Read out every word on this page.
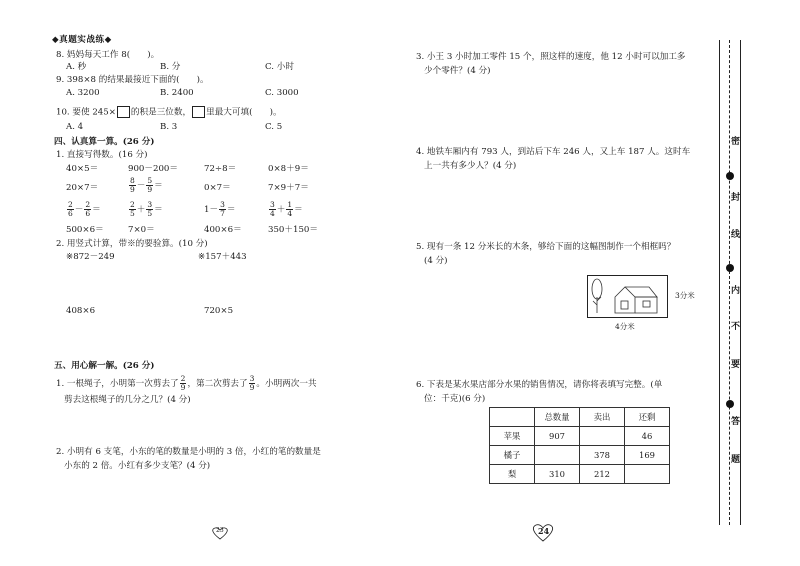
◆真题实战练◆
8. 妈妈每天工作 8(　　)。
A. 秒	B. 分	C. 小时
9. 398×8 的结果最接近下面的(　　)。
A. 3200	B. 2400	C. 3000
10. 要使 245× 的积是三位数， 里最大可填(　　)。
A. 4	B. 3	C. 5
四、认真算一算。(26 分)
1. 直接写得数。(16 分)
40×5＝	900－200＝	72÷8＝	0×8＋9＝
20×7＝	$\frac{8}{9} - \frac{5}{9}$ ＝	0×7＝	7×9＋7＝
$\frac{2}{6} - \frac{2}{6}$ ＝	$\frac{2}{5} + \frac{3}{5}$ ＝	$1- \frac{3}{7}$ ＝	$\frac{3}{4} + \frac{1}{4}$ ＝
500×6＝	7×0＝	400×6＝	350＋150＝
2. 用竖式计算，带※的要验算。(10 分)
※872－249	※157＋443
408×6	720×5
五、用心解一解。(26 分)
1. 一根绳子，小明第一次剪去了 $\frac{2}{9}$ ，第二次剪去了 $\frac{3}{9}$ 。小明两次一共
剪去这根绳子的几分之几？(4 分)
2. 小明有 6 支笔，小东的笔的数量是小明的 3 倍，小红的笔的数量是
小东的 2 倍。小红有多少支笔？(4 分)
23
3. 小王 3 小时加工零件 15 个，照这样的速度，他 12 小时可以加工多
少个零件？(4 分)
4. 地铁车厢内有 793 人，到站后下车 246 人，又上车 187 人。这时车
上一共有多少人？(4 分)
5. 现有一条 12 分米长的木条，够给下面的这幅图制作一个相框吗？
(4 分)
3分米
4分米
6. 下表是某水果店部分水果的销售情况，请你将表填写完整。(单
位：千克)(6 分)
	总数量	卖出	还剩
苹果	907		46
橘子		378	169
梨	310	212	
24
密
封
线
内
不
要
答
题
